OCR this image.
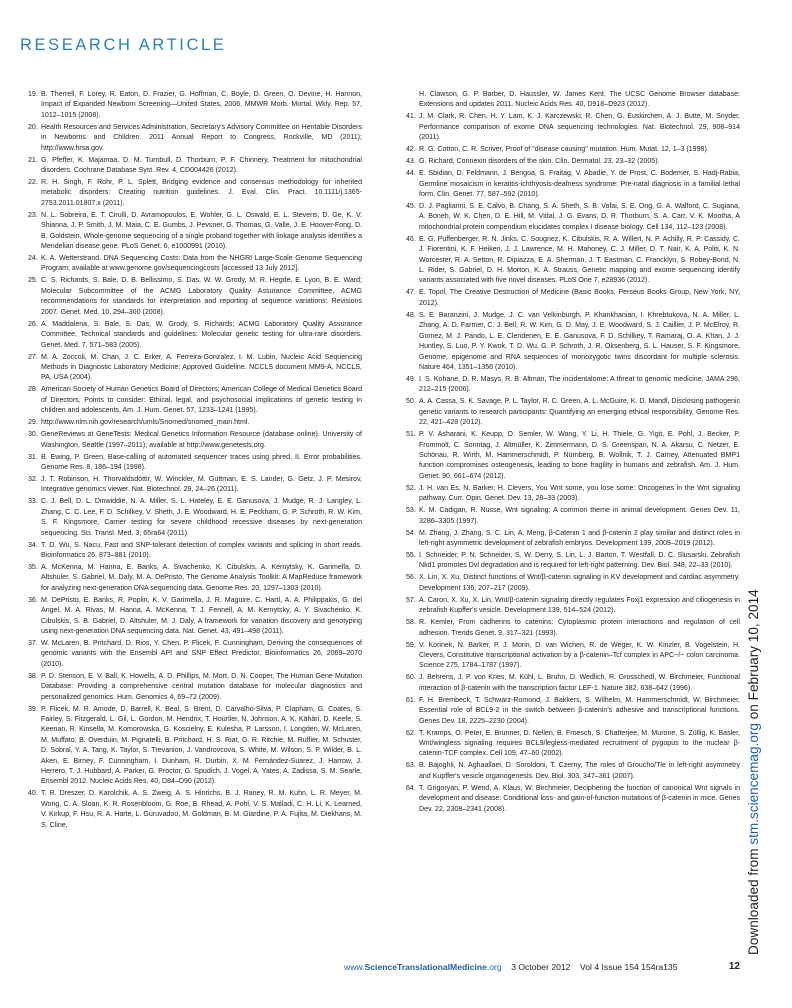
RESEARCH ARTICLE
19. B. Therrell, F. Lorey, R. Eaton, D. Frazier, G. Hoffman, C. Boyle, D. Green, O. Devine, H. Hannon, Impact of Expanded Newborn Screening—United States, 2006. MMWR Morb. Mortal. Wkly. Rep. 57, 1012–1015 (2008).
20. Health Resources and Services Administration, Secretary's Advisory Committee on Heritable Disorders in Newborns and Children. 2011 Annual Report to Congress, Rockville, MD (2011); http://www.hrsa.gov.
21. G. Pfeffer, K. Majamaa, D. M. Turnbull, D. Thorburn, P. F. Chinnery, Treatment for mitochondrial disorders. Cochrane Database Syst. Rev. 4, CD004426 (2012).
22. R. H. Singh, F. Rohr, P. L. Splett, Bridging evidence and consensus methodology for inherited metabolic disorders: Creating nutrition guidelines. J. Eval. Clin. Pract. 10.1111/j.1365-2753.2011.01807.x (2011).
23. N. L. Sobreira, E. T. Cirulli, D. Avramopoulos, E. Wohler, G. L. Oswald, E. L. Stevens, D. Ge, K. V. Shianna, J. P. Smith, J. M. Maia, C. E. Gumbs, J. Pevsner, G. Thomas, G. Valle, J. E. Hoover-Fong, D. B. Goldstein, Whole-genome sequencing of a single proband together with linkage analysis identifies a Mendelian disease gene. PLoS Genet. 6, e1000991 (2010).
24. K. A. Wetterstrand. DNA Sequencing Costs: Data from the NHGRI Large-Scale Genome Sequencing Program; available at www.genome.gov/sequencingcosts [accessed 13 July 2012].
25. C. S. Richards, S. Bale, D. B. Bellissimo, S. Das, W. W. Grody, M. R. Hegde, E. Lyon, B. E. Ward; Molecular Subcommittee of the ACMG Laboratory Quality Assurance Committee, ACMG recommendations for standards for interpretation and reporting of sequence variations: Revisions 2007. Genet. Med. 10, 294–300 (2008).
26. A. Maddalena, S. Bale, S. Das, W. Grody, S. Richards; ACMG Laboratory Quality Assurance Committee, Technical standards and guidelines: Molecular genetic testing for ultra-rare disorders. Genet. Med. 7, 571–583 (2005).
27. M. A. Zoccoli, M. Chan, J. C. Erker, A. Ferreira-Gonzalez, I. M. Lubin, Nucleic Acid Sequencing Methods in Diagnostic Laboratory Medicine; Approved Guideline. NCCLS document MM9-A. NCCLS, PA, USA (2004).
28. American Society of Human Genetics Board of Directors; American College of Medical Genetics Board of Directors, Points to consider: Ethical, legal, and psychosocial implications of genetic testing in children and adolescents, Am. J. Hum. Genet. 57, 1233–1241 (1995).
29. http://www.nlm.nih.gov/research/umls/Snomed/snomed_main.html.
30. GeneReviews at GeneTests: Medical Genetics Information Resource (database online). University of Washington, Seattle (1997–2011); available at http://www.genetests.org.
31. B. Ewing, P. Green, Base-calling of automated sequencer traces using phred. II. Error probabilities. Genome Res. 8, 186–194 (1998).
32. J. T. Robinson, H. Thorvaldsdóttir, W. Winckler, M. Guttman, E. S. Lander, G. Getz, J. P. Mesirov, Integrative genomics viewer. Nat. Biotechnol. 29, 24–26 (2011).
33. C. J. Bell, D. L. Dinwiddie, N. A. Miller, S. L. Hateley, E. E. Ganusova, J. Mudge, R. J. Langley, L. Zhang, C. C. Lee, F. D. Schilkey, V. Sheth, J. E. Woodward, H. E. Peckham, G. P. Schroth, R. W. Kim, S. F. Kingsmore, Carrier testing for severe childhood recessive diseases by next-generation sequencing. Sci. Transl. Med. 3, 65ra64 (2011).
34. T. D. Wu, S. Nacu, Fast and SNP-tolerant detection of complex variants and splicing in short reads. Bioinformatics 26, 873–881 (2010).
35. A. McKenna, M. Hanna, E. Banks, A. Sivachenko, K. Cibulskis, A. Kernytsky, K. Garimella, D. Altshuler, S. Gabriel, M. Daly, M. A. DePristo, The Genome Analysis Toolkit: A MapReduce framework for analyzing next-generation DNA sequencing data. Genome Res. 20, 1297–1303 (2010).
36. M. DePristo, E. Banks, R. Poplin, K. V. Garimella, J. R. Maguire, C. Hartl, A. A. Philippakis, G. del Angel, M. A. Rivas, M. Hanna, A. McKenna, T. J. Fennell, A. M. Kernytsky, A. Y. Sivachenko, K. Cibulskis, S. B. Gabriel, D. Altshuler, M. J. Daly, A framework for variation discovery and genotyping using next-generation DNA sequencing data. Nat. Genet. 43, 491–498 (2011).
37. W. McLaren, B. Pritchard, D. Rios, Y. Chen, P. Flicek, F. Cunningham, Deriving the consequences of genomic variants with the Ensembl API and SNP Effect Predictor. Bioinformatics 26, 2069–2070 (2010).
38. P. D. Stenson, E. V. Ball, K. Howells, A. D. Phillips, M. Mort, D. N. Cooper, The Human Gene Mutation Database: Providing a comprehensive central mutation database for molecular diagnostics and personalized genomics. Hum. Genomics 4, 69–72 (2009).
39. P. Flicek, M. R. Amode, D. Barrell, K. Beal, S. Brent, D. Carvalho-Silva, P. Clapham, G. Coates, S. Fairley, S. Fitzgerald, L. Gil, L. Gordon, M. Hendrix, T. Hourlier, N. Johnson, A. K. Kähäri, D. Keefe, S. Keenan, R. Kinsella, M. Komorowska, G. Koscielny, E. Kulesha, P. Larsson, I. Longden, W. McLaren, M. Muffato, B. Overduin, M. Pignatelli, B. Pritchard, H. S. Riat, G. R. Ritchie, M. Ruffier, M. Schuster, D. Sobral, Y. A. Tang, K. Taylor, S. Trevanion, J. Vandrovcova, S. White, M. Wilson, S. P. Wilder, B. L. Aken, E. Birney, F. Cunningham, I. Dunham, R. Durbin, X. M. Fernández-Suarez, J. Harrow, J. Herrero, T. J. Hubbard, A. Parker, G. Proctor, G. Spudich, J. Vogel, A. Yates, A. Zadissa, S. M. Searle, Ensembl 2012. Nucleic Acids Res. 40, D84–D90 (2012).
40. T. R. Dreszer, D. Karolchik, A. S. Zweig, A. S. Hinrichs, B. J. Raney, R. M. Kuhn, L. R. Meyer, M. Wong, C. A. Sloan, K. R. Rosenbloom, G. Roe, B. Rhead, A. Pohl, V. S. Malladi, C. H. Li, K. Learned, V. Kirkup, F. Hsu, R. A. Harte, L. Guruvadoo, M. Goldman, B. M. Giardine, P. A. Fujita, M. Diekhans, M. S. Cline,
H. Clawson, G. P. Barber, D. Haussler, W. James Kent, The UCSC Genome Browser database: Extensions and updates 2011. Nucleic Acids Res. 40, D918–D923 (2012).
41. J. M. Clark, R. Chen, H. Y. Lam, K. J. Karczewski, R. Chen, G. Euskirchen, A. J. Butte, M. Snyder, Performance comparison of exome DNA sequencing technologies. Nat. Biotechnol. 29, 908–914 (2011).
42. R. G. Cotton, C. R. Scriver, Proof of "disease causing" mutation. Hum. Mutat. 12, 1–3 (1998).
43. G. Richard, Connexin disorders of the skin. Clin. Dermatol. 23, 23–32 (2005).
44. E. Sbidian, D. Feldmann, J. Bengoa, S. Fraitag, V. Abadie, Y. de Prost, C. Bodemer, S. Hadj-Rabia, Germline mosaicism in keratitis-ichthyosis-deafness syndrome: Pre-natal diagnosis in a familial lethal form. Clin. Genet. 77, 587–592 (2010).
45. D. J. Pagliarini, S. E. Calvo, B. Chang, S. A. Sheth, S. B. Vafai, S. E. Ong, G. A. Walford, C. Sugiana, A. Boneh, W. K. Chen, D. E. Hill, M. Vidal, J. G. Evans, D. R. Thorburn, S. A. Carr, V. K. Mootha, A mitochondrial protein compendium elucidates complex I disease biology. Cell 134, 112–123 (2008).
46. E. G. Puffenberger, R. N. Jinks, C. Sougnez, K. Cibulskis, R. A. Willert, N. P. Achilly, R. P. Cassidy, C. J. Fiorentini, K. F. Heiken, J. J. Lawrence, M. H. Mahoney, C. J. Miller, D. T. Nair, K. A. Politi, K. N. Worcester, R. A. Setton, R. Dipiazza, E. A. Sherman, J. T. Eastman, C. Francklyn, S. Robey-Bond, N. L. Rider, S. Gabriel, D. H. Morton, K. A. Strauss, Genetic mapping and exome sequencing identify variants associated with five novel diseases. PLoS One 7, e28936 (2012).
47. E. Topol, The Creative Destruction of Medicine (Basic Books, Perseus Books Group, New York, NY, 2012).
48. S. E. Baranzini, J. Mudge, J. C. van Velkinburgh, P. Khankhanian, I. Khrebtukova, N. A. Miller, L. Zhang, A. D. Farmer, C. J. Bell, R. W. Kim, G. D. May, J. E. Woodward, S. J. Caillier, J. P. McElroy, R. Gomez, M. J. Pando, L. E. Clendenen, E. E. Ganusova, F. D. Schilkey, T. Ramaraj, O. A. Khan, J. J. Huntley, S. Luo, P. Y. Kwok, T. D. Wu, G. P. Schroth, J. R. Oksenberg, S. L. Hauser, S. F. Kingsmore, Genome, epigenome and RNA sequences of monozygotic twins discordant for multiple sclerosis. Nature 464, 1351–1356 (2010).
49. I. S. Kohane, D. R. Masys, R. B. Altman, The incidentalome: A threat to genomic medicine. JAMA 296, 212–215 (2006).
50. A. A. Cassa, S. K. Savage, P. L. Taylor, R. C. Green, A. L. McGuire, K. D. Mandl, Disclosing pathogenic genetic variants to research participants: Quantifying an emerging ethical responsibility. Genome Res. 22, 421–428 (2012).
51. P. V. Asharani, K. Keupp, O. Semler, W. Wang, Y. Li, H. Thiele, G. Yigit, E. Pohl, J. Becker, P. Frommolt, C. Sonntag, J. Altmüller, K. Zimmermann, D. S. Greenspan, N. A. Akarsu, C. Netzer, E. Schönau, R. Wirth, M. Hammerschmidt, P. Nürnberg, B. Wollnik, T. J. Carney, Attenuated BMP1 function compromises osteogenesis, leading to bone fragility in humans and zebrafish. Am. J. Hum. Genet. 90, 661–674 (2012).
52. J. H. van Es, N. Barker, H. Clevers, You Wnt some, you lose some: Oncogenes in the Wnt signaling pathway. Curr. Opin. Genet. Dev. 13, 28–33 (2003).
53. K. M. Cadigan, R. Nusse, Wnt signaling: A common theme in animal development. Genes Dev. 11, 3286–3305 (1997).
54. M. Zhang, J. Zhang, S. C. Lin, A. Meng, β-Catenin 1 and β-catenin 2 play similar and distinct roles in left-right asymmetric development of zebrafish embryos. Development 139, 2009–2019 (2012).
55. I. Schneider, P. N. Schneider, S. W. Derry, S. Lin, L. J. Barton, T. Westfall, D. C. Slusarski, Zebrafish Nkd1 promotes Dvl degradation and is required for left-right patterning. Dev. Biol. 348, 22–33 (2010).
56. X. Lin, X. Xu, Distinct functions of Wnt/β-catenin signaling in KV development and cardiac asymmetry. Development 136, 207–217 (2009).
57. A. Caron, X. Xu, X. Lin, Wnt/β-catenin signaling directly regulates Foxj1 expression and ciliogenesis in zebrafish Kupffer's vesicle. Development 139, 514–524 (2012).
58. R. Kemler, From cadherins to catenins: Cytoplasmic protein interactions and regulation of cell adhesion. Trends Genet. 9, 317–321 (1993).
59. V. Korinek, N. Barker, P. J. Morin, D. van Wichen, R. de Weger, K. W. Kinzler, B. Vogelstein, H. Clevers, Constitutive transcriptional activation by a β-catenin–Tcf complex in APC−/− colon carcinoma. Science 275, 1784–1787 (1997).
60. J. Behrens, J. P. von Kries, M. Kühl, L. Bruhn, D. Wedlich, R. Grosschedl, W. Birchmeier, Functional interaction of β-catenin with the transcription factor LEF-1. Nature 382, 638–642 (1996).
61. F. H. Brembeck, T. Schwarz-Romond, J. Bakkers, S. Wilhelm, M. Hammerschmidt, W. Birchmeier, Essential role of BCL9-2 in the switch between β-catenin's adhesive and transcriptional functions. Genes Dev. 18, 2225–2230 (2004).
62. T. Kramps, O. Peter, E. Brunner, D. Nellen, B. Froesch, S. Chatterjee, M. Murone, S. Züllig, K. Basler, Wnt/wingless signaling requires BCL9/legless-mediated recruitment of pygopus to the nuclear β-catenin-TCF complex. Cell 109, 47–60 (2002).
63. B. Bajoghli, N. Aghaallaei, D. Soroldoni, T. Czerny, The roles of Groucho/Tle in left-right asymmetry and Kupffer's vesicle organogenesis. Dev. Biol. 303, 347–361 (2007).
64. T. Grigoryan, P. Wend, A. Klaus, W. Birchmeier, Deciphering the function of canonical Wnt signals in development and disease: Conditional loss- and gain-of-function mutations of β-catenin in mice. Genes Dev. 22, 2308–2341 (2008).
Downloaded from stm.sciencemag.org on February 10, 2014
www.ScienceTranslationalMedicine.org 3 October 2012 Vol 4 Issue 154 154ra135	12
